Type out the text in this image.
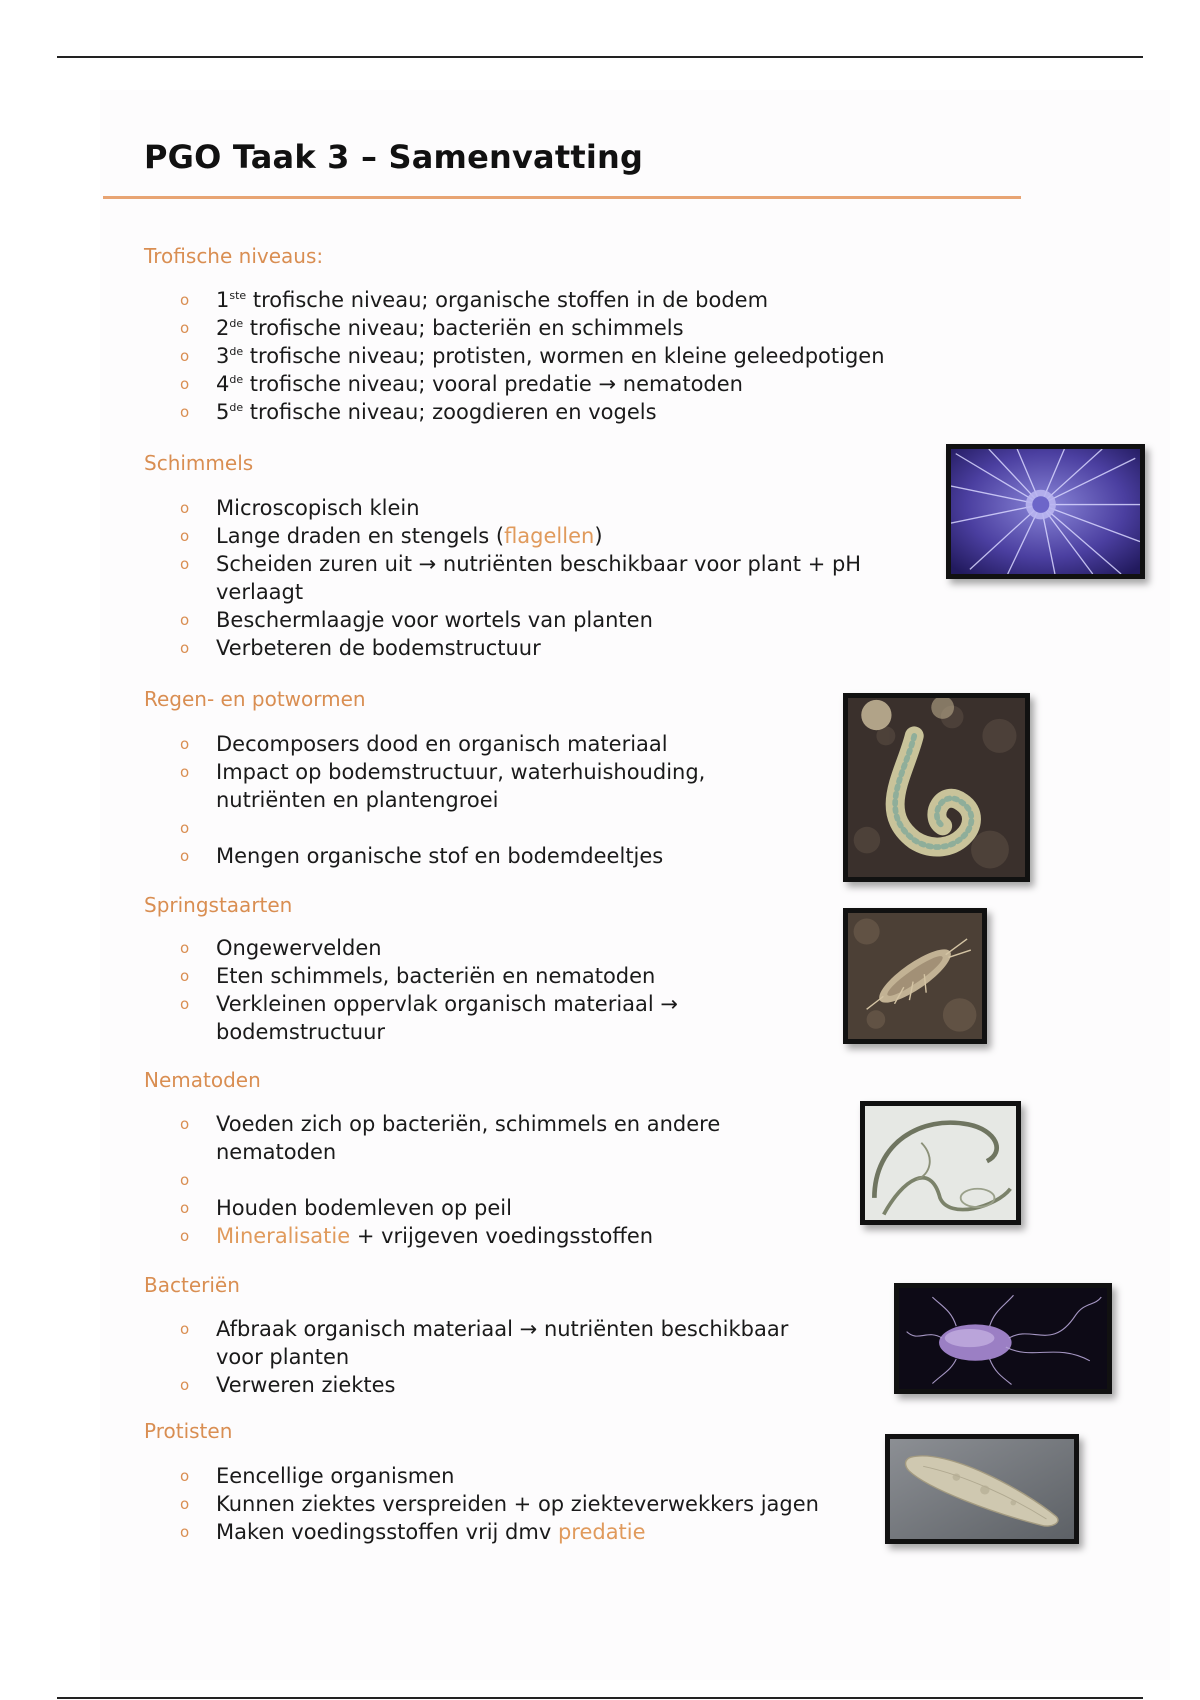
PGO Taak 3 – Samenvatting
Trofische niveaus:
o 1ste trofische niveau; organische stoffen in de bodem
o 2de trofische niveau; bacteriën en schimmels
o 3de trofische niveau; protisten, wormen en kleine geleedpotigen
o 4de trofische niveau; vooral predatie → nematoden
o 5de trofische niveau; zoogdieren en vogels
Schimmels
o Microscopisch klein
o Lange draden en stengels (flagellen)
o Scheiden zuren uit → nutriënten beschikbaar voor plant + pH verlaagt
o Beschermlaagje voor wortels van planten
o Verbeteren de bodemstructuur
Regen- en potwormen
o Decomposers dood en organisch materiaal
o Impact op bodemstructuur, waterhuishouding, nutriënten en plantengroei
o
o Mengen organische stof en bodemdeeltjes
Springstaarten
o Ongewervelden
o Eten schimmels, bacteriën en nematoden
o Verkleinen oppervlak organisch materiaal → bodemstructuur
Nematoden
o Voeden zich op bacteriën, schimmels en andere nematoden
o
o Houden bodemleven op peil
o Mineralisatie + vrijgeven voedingsstoffen
Bacteriën
o Afbraak organisch materiaal → nutriënten beschikbaar voor planten
o Verweren ziektes
Protisten
o Eencellige organismen
o Kunnen ziektes verspreiden + op ziekteverwekkers jagen
o Maken voedingsstoffen vrij dmv predatie
